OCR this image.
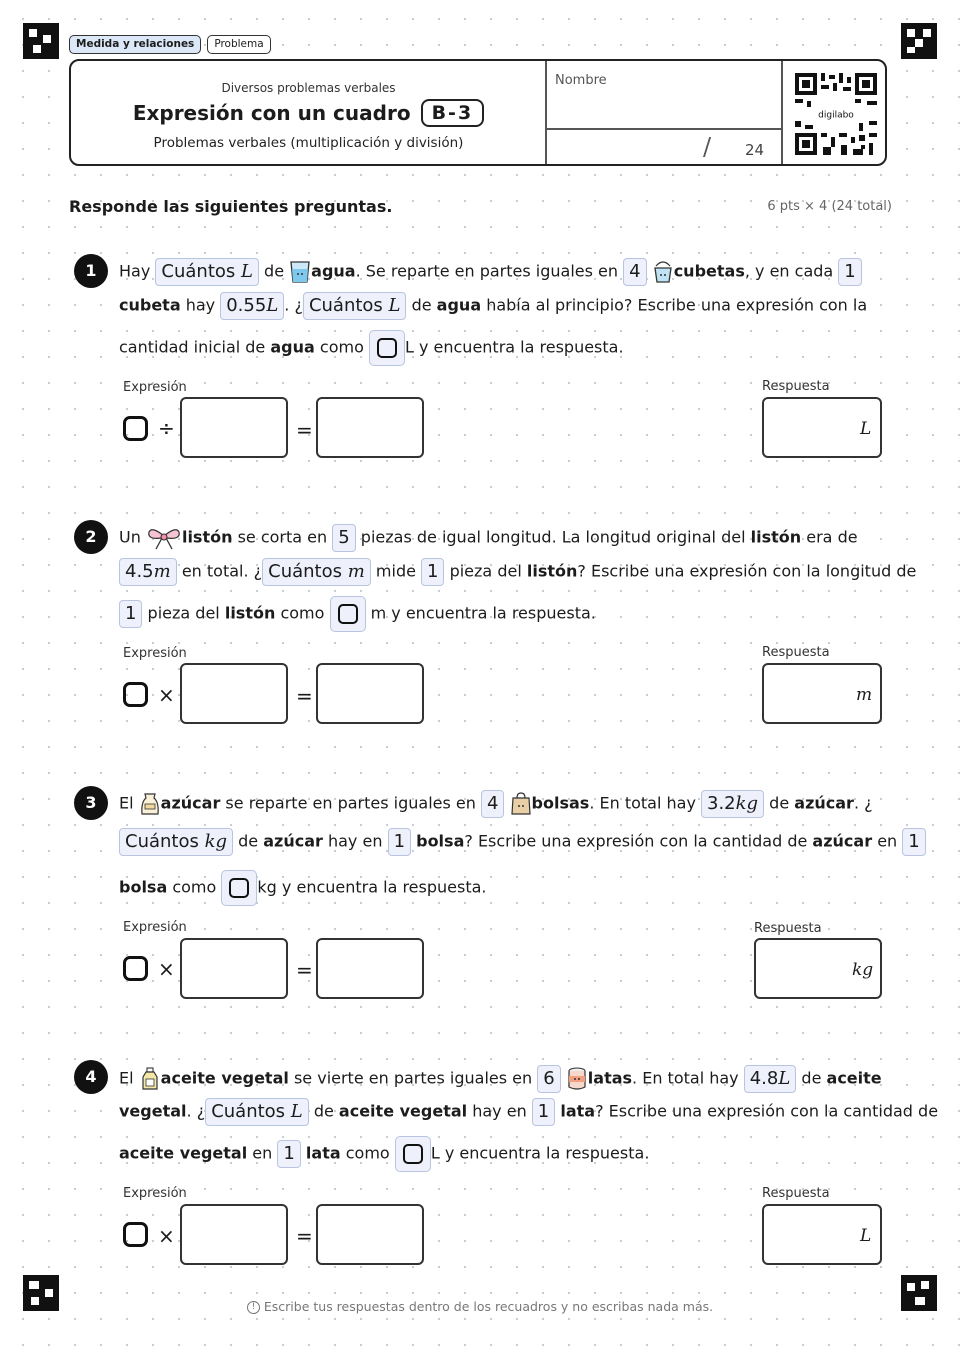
Medida y relaciones	Problema
Diversos problemas verbales
Expresión con un cuadro	B-3
Problemas verbales (multiplicación y división)
Nombre
/ 24
digilabo
Responde las siguientes preguntas.	6 pts × 4 (24 total)
1	Hay Cuántos L de agua. Se reparte en partes iguales en 4 cubetas, y en cada 1
cubeta hay 0.55L . ¿ Cuántos L de agua había al principio? Escribe una expresión con la
cantidad inicial de agua como	L y encuentra la respuesta.
Expresión	Respuesta
÷	=	L
2	Un	listón se corta en 5 piezas de igual longitud. La longitud original del listón era de
4.5m en total. ¿ Cuántos m mide 1 pieza del listón? Escribe una expresión con la longitud de
1 pieza del listón como	m y encuentra la respuesta.
Expresión	Respuesta
×	=	m
3	El azúcar se reparte en partes iguales en 4 bolsas. En total hay 3.2kg de azúcar. ¿
Cuántos kg de azúcar hay en 1 bolsa? Escribe una expresión con la cantidad de azúcar en 1
bolsa como	kg y encuentra la respuesta.
Expresión	Respuesta
×	=	kg
4	El aceite vegetal se vierte en partes iguales en 6 latas. En total hay 4.8L de aceite
vegetal. ¿ Cuántos L de aceite vegetal hay en 1 lata? Escribe una expresión con la cantidad de
aceite vegetal en 1 lata como	L y encuentra la respuesta.
Expresión	Respuesta
×	=	L
! Escribe tus respuestas dentro de los recuadros y no escribas nada más.
